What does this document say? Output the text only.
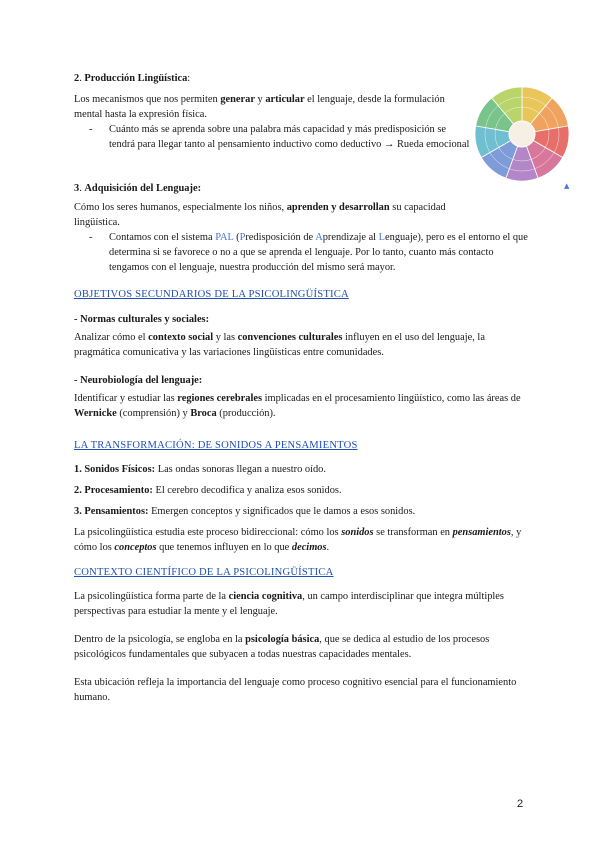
2. Producción Lingüística:

Los mecanismos que nos permiten generar y articular el lenguaje, desde la formulación mental hasta la expresión física.

- Cuánto más se aprenda sobre una palabra más capacidad y más predisposición se tendrá para llegar tanto al pensamiento inductivo como deductivo → Rueda emocional
▲

3. Adquisición del Lenguaje:

Cómo los seres humanos, especialmente los niños, aprenden y desarrollan su capacidad lingüística.

- Contamos con el sistema PAL (Predisposición de Aprendizaje al Lenguaje), pero es el entorno el que determina si se favorece o no a que se aprenda el lenguaje. Por lo tanto, cuanto más contacto tengamos con el lenguaje, nuestra producción del mismo será mayor.
OBJETIVOS SECUNDARIOS DE LA PSICOLINGÜÍSTICA

- Normas culturales y sociales:

Analizar cómo el contexto social y las convenciones culturales influyen en el uso del lenguaje, la pragmática comunicativa y las variaciones lingüísticas entre comunidades.

- Neurobiología del lenguaje:

Identificar y estudiar las regiones cerebrales implicadas en el procesamiento lingüístico, como las áreas de Wernicke (comprensión) y Broca (producción).

LA TRANSFORMACIÓN: DE SONIDOS A PENSAMIENTOS

1. Sonidos Físicos: Las ondas sonoras llegan a nuestro oído.

2. Procesamiento: El cerebro decodifica y analiza esos sonidos.

3. Pensamientos: Emergen conceptos y significados que le damos a esos sonidos.

La psicolingüística estudia este proceso bidireccional: cómo los sonidos se transforman en pensamientos, y cómo los conceptos que tenemos influyen en lo que decimos.

CONTEXTO CIENTÍFICO DE LA PSICOLINGÜÍSTICA

La psicolingüística forma parte de la ciencia cognitiva, un campo interdisciplinar que integra múltiples perspectivas para estudiar la mente y el lenguaje.

Dentro de la psicología, se engloba en la psicología básica, que se dedica al estudio de los procesos psicológicos fundamentales que subyacen a todas nuestras capacidades mentales.

Esta ubicación refleja la importancia del lenguaje como proceso cognitivo esencial para el funcionamiento humano.

2
